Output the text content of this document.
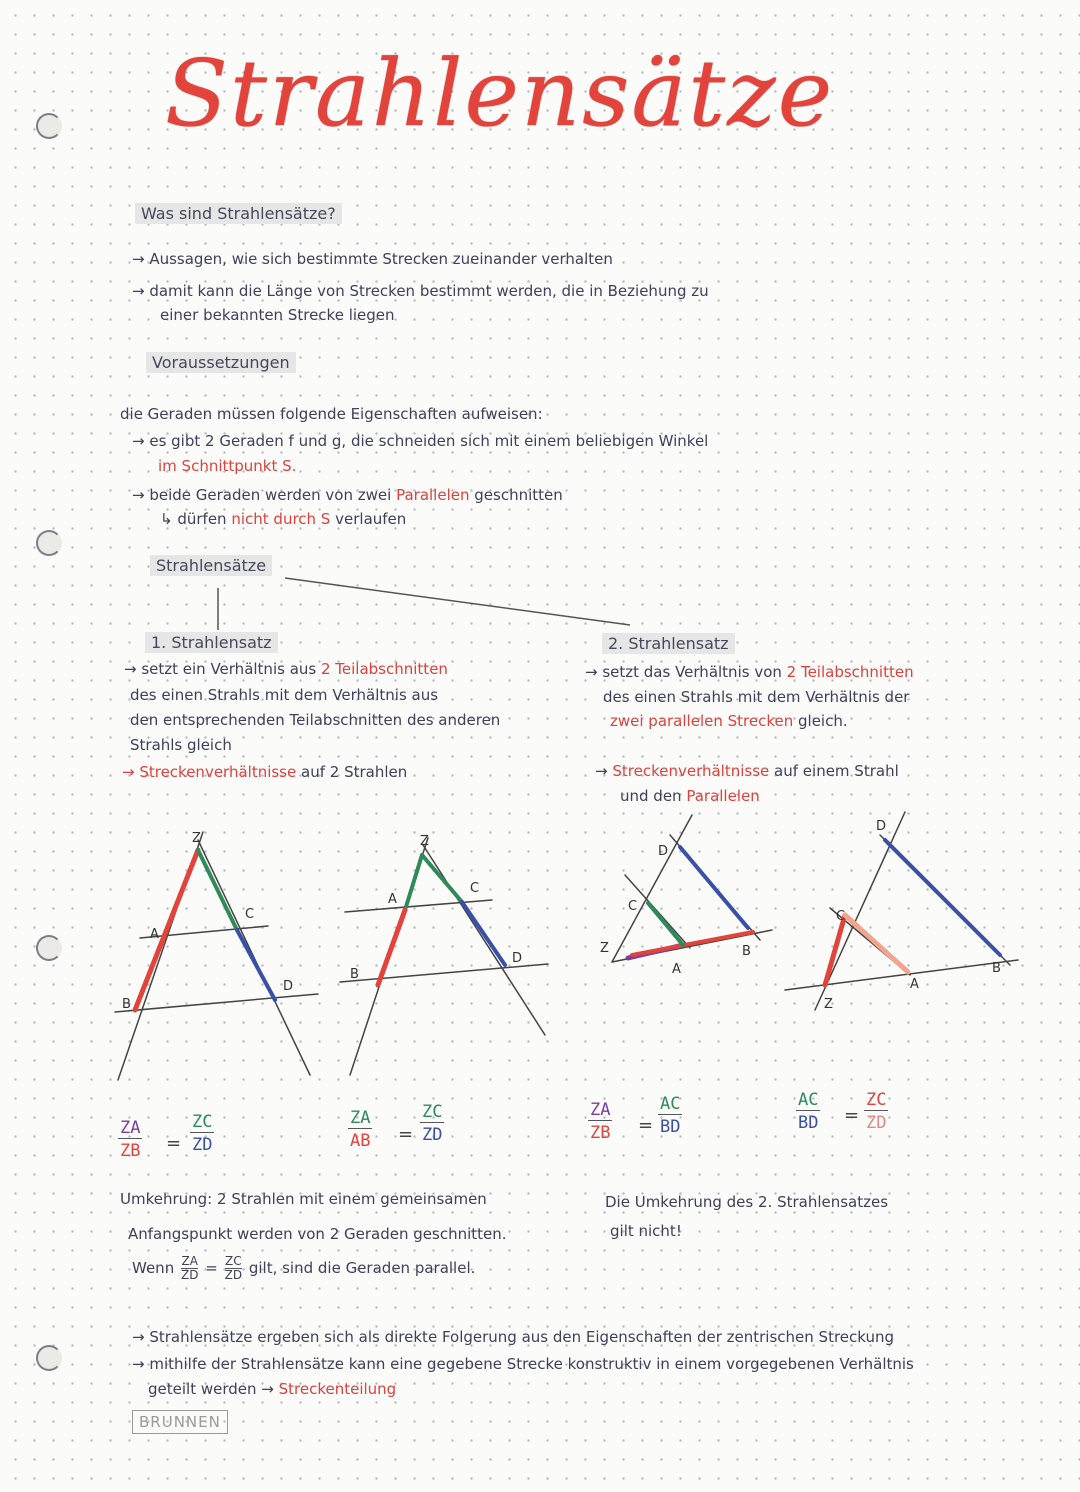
Strahlensätze
Was sind Strahlensätze?
→ Aussagen, wie sich bestimmte Strecken zueinander verhalten
→ damit kann die Länge von Strecken bestimmt werden, die in Beziehung zu
einer bekannten Strecke liegen
Voraussetzungen
die Geraden müssen folgende Eigenschaften aufweisen:
→ es gibt 2 Geraden f und g, die schneiden sich mit einem beliebigen Winkel
im Schnittpunkt S.
→ beide Geraden werden von zwei Parallelen geschnitten
↳ dürfen nicht durch S verlaufen
Strahlensätze
1. Strahlensatz
→ setzt ein Verhältnis aus 2 Teilabschnitten
des einen Strahls mit dem Verhältnis aus
den entsprechenden Teilabschnitten des anderen
Strahls gleich
→ Streckenverhältnisse auf 2 Strahlen
2. Strahlensatz
→ setzt das Verhältnis von 2 Teilabschnitten
des einen Strahls mit dem Verhältnis der
zwei parallelen Strecken gleich.
→ Streckenverhältnisse auf einem Strahl
und den Parallelen
Z
A
B
C
D
Z
A
B
C
D
Z
A
B
C
D
Z
A
B
C
D
$\frac{ZA}{ZB} = \frac{ZC}{ZD}$	$\frac{ZA}{AB} = \frac{ZC}{ZD}$	$\frac{ZA}{ZB} = \frac{AC}{BD}$	$\frac{AC}{BD} = \frac{ZC}{ZD}$
Umkehrung: 2 Strahlen mit einem gemeinsamen
Anfangspunkt werden von 2 Geraden geschnitten.
Wenn $\frac{ZA}{ZD} = \frac{ZC}{ZD}$ gilt, sind die Geraden parallel.
Die Umkehrung des 2. Strahlensatzes
gilt nicht!
→ Strahlensätze ergeben sich als direkte Folgerung aus den Eigenschaften der zentrischen Streckung
→ mithilfe der Strahlensätze kann eine gegebene Strecke konstruktiv in einem vorgegebenen Verhältnis
geteilt werden → Streckenteilung
BRUNNEN
